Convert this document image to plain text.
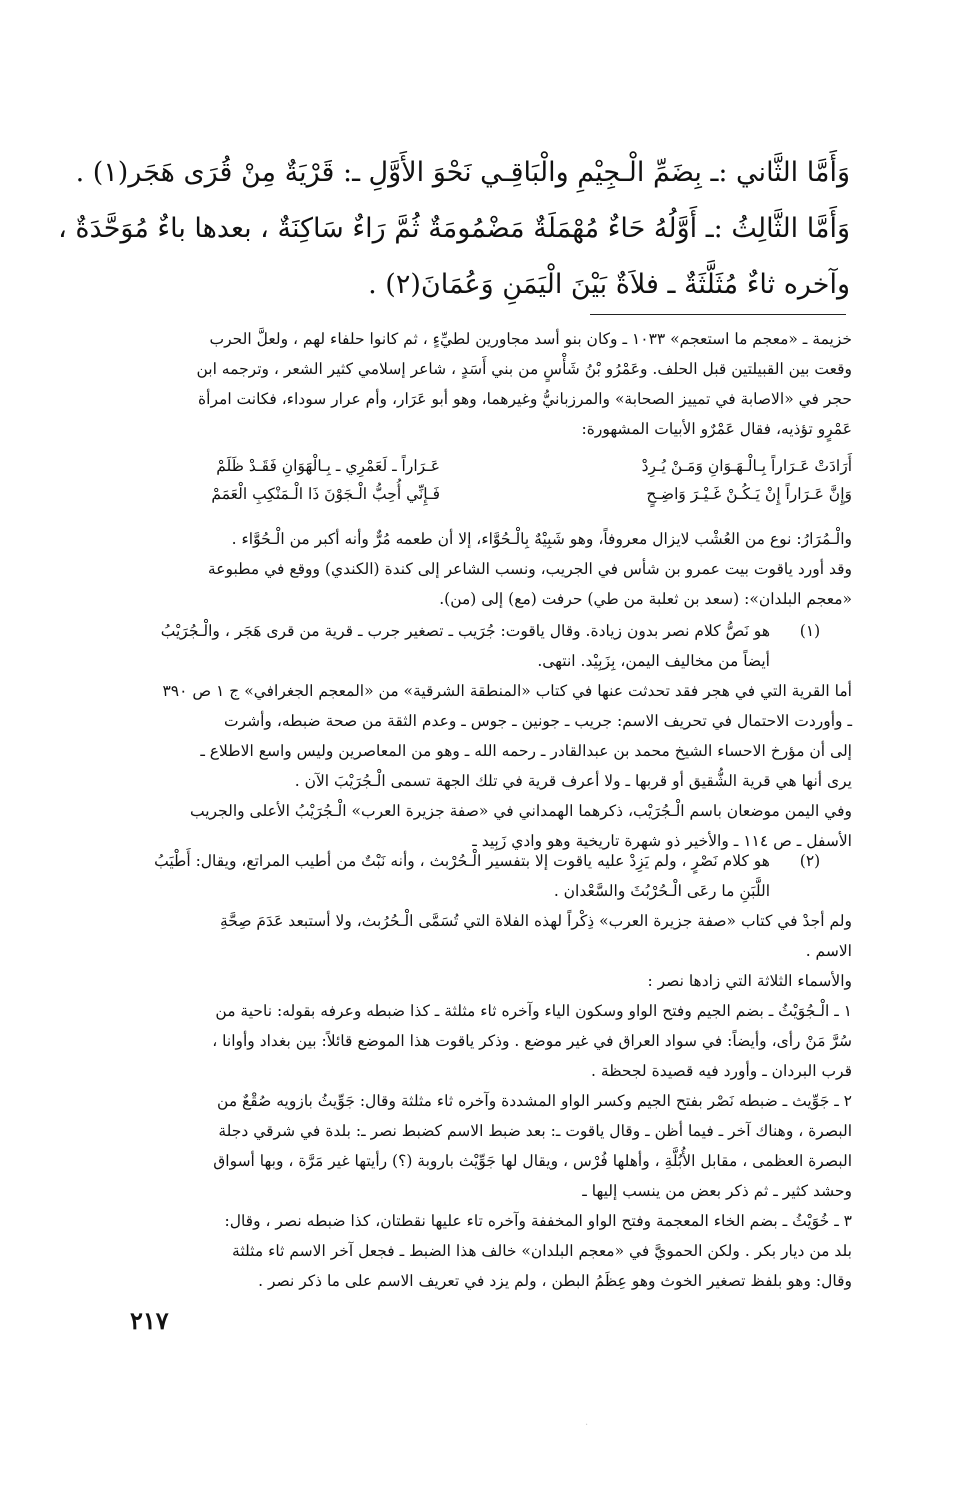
وَأَمَّا الثَّاني :ـ بِضَمِّ الْـجِيْمِ والْبَاقِـي نَحْوَ الأَوَّلِ ـ: قَرْيَةٌ مِنْ قُرَى هَجَر(١) .
وَأَمَّا الثَّالِثُ :ـ أَوَّلُهُ حَاءٌ مُهْمَلَةٌ مَضْمُومَةٌ ثُمَّ رَاءٌ سَاكِنَةٌ ، بعدها باءٌ مُوَحَّدَةٌ ،
وآخره ثاءٌ مُثَلَّثَةٌ ـ فلاَةٌ بَيْنَ الْيَمَنِ وَعُمَانَ(٢) .
خزيمة ـ «معجم ما استعجم» ١٠٣٣ ـ وكان بنو أسد مجاورين لطيِّءٍ ، ثم كانوا حلفاء لهم ، ولعلَّ الحرب
وقعت بين القبيلتين قبل الحلف. وعَمْرُو بْنُ شَأْسٍ من بني أَسَدٍ ، شاعر إسلامي كثير الشعر ، وترجمه ابن
حجر في «الاصابة في تمييز الصحابة» والمرزبانيُّ وغيرهما، وهو أبو عَرَار، وأم عرار سوداء، فكانت امرأة
عَمْرٍو تؤذيه، فقال عَمْرٌو الأبيات المشهورة:
أَرَادَتْ عَـرَاراً بِـالْـهَـوَانِ وَمَـنْ يُـرِدْ
وَإِنَّ عَـرَاراً إِنْ يَـكُـنْ غَـيْـرَ وَاضِـحٍ
عَـرَاراً ـ لَعَمْرِي ـ بِـالْهَوَانِ فَقَـدْ ظَلَمْ
فَـإِنِّي أُحِبُّ الْـجَوْنَ ذَا الْـمَنْكِبِ الْعَمَمْ
والْـمُرَارُ: نوع من العُشْب لايزال معروفاً، وهو شَبِيْهٌ بِالْـحُوَّاء، إلا أن طعمه مُرٌّ وأنه أكبر من الْـحُوَّاء .
وقد أورد ياقوت بيت عمرو بن شأس في الجريب، ونسب الشاعر إلى كندة (الكندي) ووقع في مطبوعة
«معجم البلدان»: (سعد بن ثعلبة من طي) حرفت (مع) إلى (من).
(١)
هو نَصُّ كلام نصر بدون زيادة. وقال ياقوت: جُرَيب ـ تصغير جرب ـ قرية من قرى هَجَر ، والْـجُرَيْبُ
أيضاً من مخاليف اليمن، بِزَبِيْد. انتهى.
أما القرية التي في هجر فقد تحدثت عنها في كتاب «المنطقة الشرقية» من «المعجم الجغرافي» ج ١ ص ٣٩٠
ـ وأوردت الاحتمال في تحريف الاسم: جريب ـ جونين ـ جوس ـ وعدم الثقة من صحة ضبطه، وأشرت
إلى أن مؤرخ الاحساء الشيخ محمد بن عبدالقادر ـ رحمه الله ـ وهو من المعاصرين وليس واسع الاطلاع ـ
يرى أنها هي قرية الشُّقيق أو قربها ـ ولا أعرف قرية في تلك الجهة تسمى الْـجُرَيْبَ الآن .
وفي اليمن موضعان باسم الْـجُرَيْب، ذكرهما الهمداني في «صفة جزيرة العرب» الْـجُرَيْبُ الأعلى والجريب
الأسفل ـ ص ١١٤ ـ والأخير ذو شهرة تاريخية وهو وادي زَبِيد ـ
(٢)
هو كلام نَصْرٍ ، ولم يَزِدْ عليه ياقوت إلا بتفسير الْـحُرْبث ، وأنه نَبْتٌ من أطيب المراتع، ويقال: أَطْيَبُ
اللَّبَنِ ما رعَى الْـحُرْبُثَ والسَّعْدان .
ولم أجدْ في كتاب «صفة جزيرة العرب» ذِكْراً لهذه الفلاة التي تُسَمَّى الْـحُرُبث، ولا أستبعد عَدَمَ صِحَّةِ
الاسم .
والأسماء الثلاثة التي زادها نصر :
١ ـ الْـجُوَيْثُ ـ بضم الجيم وفتح الواو وسكون الياء وآخره ثاء مثلثة ـ كذا ضبطه وعرفه بقوله: ناحية من
سُرَّ مَنْ رأى، وأيضاً: في سواد العراق في غير موضع . وذكر ياقوت هذا الموضع قائلاً: بين بغداد وأوانا ،
قرب البردان ـ وأورد فيه قصيدة لجحظة .
٢ ـ جَوِّيث ـ ضبطه نَصْر بفتح الجيم وكسر الواو المشددة وآخره ثاء مثلثة وقال: جَوِّيثُ بازويه صُقْعٌ من
البصرة ، وهناك آخر ـ فيما أظن ـ وقال ياقوت ـ: بعد ضبط الاسم كضبط نصر ـ: بلدة في شرقي دجلة
البصرة العظمى ، مقابل الأُبُلَّةِ ، وأهلها فُرْس ، ويقال لها جَوِّيْث باروبة (؟) رأيتها غير مَرَّة ، وبها أسواق
وحشد كثير ـ ثم ذكر بعض من ينسب إليها ـ
٣ ـ خُوَيْثُ ـ بضم الخاء المعجمة وفتح الواو المخففة وآخره تاء عليها نقطتان، كذا ضبطه نصر ، وقال:
بلد من ديار بكر . ولكن الحمويَّ في «معجم البلدان» خالف هذا الضبط ـ فجعل آخر الاسم ثاء مثلثة
وقال: وهو بلفظ تصغير الخوث وهو عِظَمُ البطن ، ولم يزد في تعريف الاسم على ما ذكر نصر .
٢١٧
·
